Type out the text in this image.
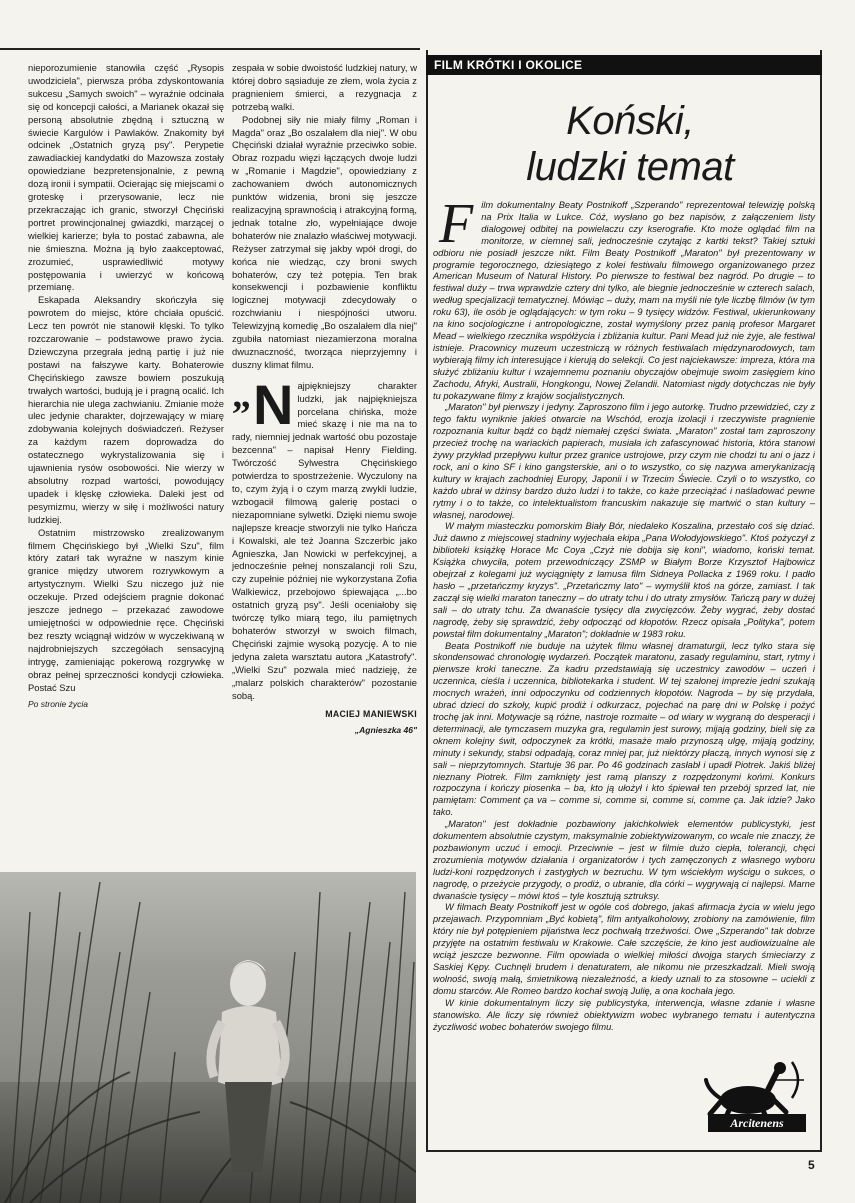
nieporozumienie stanowiła część „Rysopis uwodziciela", pierwsza próba zdyskontowania sukcesu „Samych swoich" – wyraźnie odcinała się od koncepcji całości, a Marianek okazał się personą absolutnie zbędną i sztuczną w świecie Kargulów i Pawlaków. Znakomity był odcinek „Ostatnich gryzą psy". Perypetie zawadiackiej kandydatki do Mazowsza zostały opowiedziane bezpretensjonalnie, z pewną dozą ironii i sympatii. Ocierając się miejscami o groteskę i przerysowanie, lecz nie przekraczając ich granic, stworzył Chęciński portret prowincjonalnej gwiazdki, marzącej o wielkiej karierze; była to postać zabawna, ale nie śmieszna. Można ją było zaakceptować, zrozumieć, usprawiedliwić motywy postępowania i uwierzyć w końcową przemianę.

Eskapada Aleksandry skończyła się powrotem do miejsc, które chciała opuścić. Lecz ten powrót nie stanowił klęski. To tylko rozczarowanie – podstawowe prawo życia. Dziewczyna przegrała jedną partię i już nie postawi na fałszywe karty. Bohaterowie Chęcińskiego zawsze bowiem poszukują trwałych wartości, budują je i pragną ocalić. Ich hierarchia nie ulega zachwianiu. Zmianie może ulec jedynie charakter, dojrzewający w miarę zdobywania kolejnych doświadczeń. Reżyser za każdym razem doprowadza do ostatecznego wykrystalizowania się i ujawnienia rysów osobowości. Nie wierzy w absolutny rozpad wartości, powodujący upadek i klęskę człowieka. Daleki jest od pesymizmu, wierzy w siłę i możliwości natury ludzkiej.

Ostatnim mistrzowsko zrealizowanym filmem Chęcińskiego był „Wielki Szu", film który zatarł tak wyraźne w naszym kinie granice między utworem rozrywkowym a artystycznym. Wielki Szu niczego już nie oczekuje. Przed odejściem pragnie dokonać jeszcze jednego – przekazać zawodowe umiejętności w odpowiednie ręce. Chęciński bez reszty wciągnął widzów w wyczekiwaną w najdrobniejszych szczegółach sensacyjną intrygę, zamieniając pokerową rozgrywkę w obraz pełnej sprzeczności kondycji człowieka. Postać Szu

Po stronie życia

zespała w sobie dwoistość ludzkiej natury, w której dobro sąsiaduje ze złem, wola życia z pragnieniem śmierci, a rezygnacja z potrzebą walki.

Podobnej siły nie miały filmy „Roman i Magda" oraz „Bo oszalałem dla niej". W obu Chęciński działał wyraźnie przeciwko sobie. Obraz rozpadu więzi łączących dwoje ludzi w „Romanie i Magdzie", opowiedziany z zachowaniem dwóch autonomicznych punktów widzenia, broni się jeszcze realizacyjną sprawnością i atrakcyjną formą, jednak totalne zło, wypełniające dwoje bohaterów nie znalazło właściwej motywacji. Reżyser zatrzymał się jakby wpół drogi, do końca nie wiedząc, czy broni swych bohaterów, czy też potępia. Ten brak konsekwencji i pozbawienie konfliktu logicznej motywacji zdecydowały o rozchwianiu i niespójności utworu. Telewizyjną komedię „Bo oszalałem dla niej" zgubiła natomiast niezamierzona moralna dwuznaczność, tworząca nieprzyjemny i duszny klimat filmu.

„ N ajpiękniejszy charakter ludzki, jak najpiękniejsza porcelana chińska, może mieć skazę i nie ma na to rady, niemniej jednak wartość obu pozostaje bezcenna" – napisał Henry Fielding. Twórczość Sylwestra Chęcińskiego potwierdza to spostrzeżenie. Wyczulony na to, czym żyją i o czym marzą zwykli ludzie, wzbogacił filmową galerię postaci o niezapomniane sylwetki. Dzięki niemu swoje najlepsze kreacje stworzyli nie tylko Hańcza i Kowalski, ale też Joanna Szczerbic jako Agnieszka, Jan Nowicki w perfekcyjnej, a jednocześnie pełnej nonszalancji roli Szu, czy zupełnie później nie wykorzystana Zofia Walkiewicz, przebojowo śpiewająca „...bo ostatnich gryzą psy". Jeśli oceniałoby się twórczę tylko miarą tego, ilu pamiętnych bohaterów stworzył w swoich filmach, Chęciński zajmie wysoką pozycję. A to nie jedyna zaleta warsztatu autora „Katastrofy". „Wielki Szu" pozwala mieć nadzieję, że „malarz polskich charakterów" pozostanie sobą.

MACIEJ MANIEWSKI
„Agnieszka 46"
FILM KRÓTKI I OKOLICE
Koński,
ludzki temat
F ilm dokumentalny Beaty Postnikoff „Szperando" reprezentował telewizję polską na Prix Italia w Lukce. Cóż, wysłano go bez napisów, z załączeniem listy dialogowej odbitej na powielaczu czy kserografie. Kto może oglądać film na monitorze, w ciemnej sali, jednocześnie czytając z kartki tekst? Takiej sztuki odbioru nie posiadł jeszcze nikt. Film Beaty Postnikoff „Maraton" był prezentowany w programie tegorocznego, dziesiątego z kolei festiwalu filmowego organizowanego przez American Museum of Natural History. Po pierwsze to festiwal bez nagród. Po drugie – to festiwal duży – trwa wprawdzie cztery dni tylko, ale biegnie jednocześnie w czterech salach, według specjalizacji tematycznej. Mówiąc – duży, mam na myśli nie tyle liczbę filmów (w tym roku 63), ile osób je oglądających: w tym roku – 9 tysięcy widzów. Festiwal, ukierunkowany na kino socjologiczne i antropologiczne, został wymyślony przez panią profesor Margaret Mead – wielkiego rzecznika współżycia i zbliżania kultur. Pani Mead już nie żyje, ale festiwal istnieje. Pracownicy muzeum uczestniczą w różnych festiwalach międzynarodowych, tam wybierają filmy ich interesujące i kierują do selekcji. Co jest najciekawsze: impreza, która ma służyć zbliżaniu kultur i wzajemnemu poznaniu obyczajów obejmuje swoim zasięgiem kino Zachodu, Afryki, Australii, Hongkongu, Nowej Zelandii. Natomiast nigdy dotychczas nie były tu pokazywane filmy z krajów socjalistycznych.

„Maraton" był pierwszy i jedyny. Zaproszono film i jego autorkę. Trudno przewidzieć, czy z tego faktu wyniknie jakieś otwarcie na Wschód, erozja izolacji i rzeczywiste pragnienie rozpoznania kultur bądź co bądź niemałej części świata. „Maraton" został tam zaproszony przecież trochę na wariackich papierach, musiała ich zafascynować historia, która stanowi żywy przykład przepływu kultur przez granice ustrojowe, przy czym nie chodzi tu ani o jazz i rock, ani o kino SF i kino gangsterskie, ani o to wszystko, co się nazywa amerykanizacją kultury w krajach zachodniej Europy, Japonii i w Trzecim Świecie. Czyli o to wszystko, co każdo ubrał w dżinsy bardzo dużo ludzi i to także, co każe przeciążać i naśladować pewne rytmy i o to także, co intelektualistom francuskim nakazuje się martwić o stan kultury – własnej, narodowej.

W małym miasteczku pomorskim Biały Bór, niedaleko Koszalina, przestało coś się dziać. Już dawno z miejscowej stadniny wyjechała ekipa „Pana Wołodyjowskiego". Ktoś pożyczył z biblioteki książkę Horace Mc Coya „Czyż nie dobija się koni", wiadomo, koński temat. Książka chwyciła, potem przewodniczący ZSMP w Białym Borze Krzysztof Hajbowicz obejrzał z kolegami już wyciągnięty z lamusa film Sidneya Pollacka z 1969 roku. I padło hasło – „przetańczmy kryzys". „Przetańczmy lato" – wymyślił ktoś na górze, zamiast. I tak zaczął się wielki maraton taneczny – do utraty tchu i do utraty zmysłów. Tańczą pary w dużej sali – do utraty tchu. Za dwanaście tysięcy dla zwycięzców. Żeby wygrać, żeby dostać nagrodę, żeby się sprawdzić, żeby odpocząć od kłopotów. Rzecz opisała „Polityka", potem powstał film dokumentalny „Maraton"; dokładnie w 1983 roku.

Beata Postnikoff nie buduje na użytek filmu własnej dramaturgii, lecz tylko stara się skondensować chronologię wydarzeń. Początek maratonu, zasady regulaminu, start, rytmy i pierwsze kroki taneczne. Za kadru przedstawiają się uczestnicy zawodów – uczeń i uczennica, cieśla i uczennica, bibliotekarka i student. W tej szalonej imprezie jedni szukają mocnych wrażeń, inni odpoczynku od codziennych kłopotów. Nagroda – by się przydała, ubrać dzieci do szkoły, kupić prodiż i odkurzacz, pojechać na parę dni w Polskę i pożyć trochę jak inni. Motywacje są różne, nastroje rozmaite – od wiary w wygraną do desperacji i determinacji, ale tymczasem muzyka gra, regulamin jest surowy, mijają godziny, bieli się za oknem kolejny świt, odpoczynek za krótki, masaże mało przynoszą ulgę, mijają godziny, minuty i sekundy, stabsi odpadają, coraz mniej par, już niektórzy płaczą, innych wynosi się z sali – nieprzytomnych. Startuje 36 par. Po 46 godzinach zasłabł i upadł Piotrek. Jakiś bliżej nieznany Piotrek. Film zamknięty jest ramą planszy z rozpędzonymi końmi. Konkurs rozpoczyna i kończy piosenka – ba, kto ją ułożył i kto śpiewał ten przebój sprzed lat, nie pamiętam: Comment ça va – comme si, comme si, comme si, comme ça. Jak idzie? Jako tako.

„Maraton" jest dokładnie pozbawiony jakichkolwiek elementów publicystyki, jest dokumentem absolutnie czystym, maksymalnie zobiektywizowanym, co wcale nie znaczy, że pozbawionym uczuć i emocji. Przeciwnie – jest w filmie dużo ciepła, tolerancji, chęci zrozumienia motywów działania i organizatorów i tych zamęczonych z własnego wyboru ludzi-koni rozpędzonych i zastygłych w bezruchu. W tym wściekłym wyścigu o sukces, o nagrodę, o przeżycie przygody, o prodiż, o ubranie, dla córki – wygrywają ci najlepsi. Marne dwanaście tysięcy – mówi ktoś – tyle kosztują sztruksy.

W filmach Beaty Postnikoff jest w ogóle coś dobrego, jakaś afirmacja życia w wielu jego przejawach. Przypomniam „Być kobietą", film antyalkoholowy, zrobiony na zamówienie, film który nie był potępieniem pijaństwa lecz pochwałą trzeźwości. Owe „Szperando" tak dobrze przyjęte na ostatnim festiwalu w Krakowie. Całe szczęście, że kino jest audiowizualne ale wciąż jeszcze bezwonne. Film opowiada o wielkiej miłości dwojga starych śmieciarzy z Saskiej Kępy. Cuchnęli brudem i denaturatem, ale nikomu nie przeszkadzali. Mieli swoją wolność, swoją małą, śmietnikową niezależność, a kiedy uznali to za stosowne – uciekli z domu starców. Ale Romeo bardzo kochał swoją Julię, a ona kochała jego.

W kinie dokumentalnym liczy się publicystyka, interwencja, własne zdanie i własne stanowisko. Ale liczy się również obiektywizm wobec wybranego tematu i autentyczna życzliwość wobec bohaterów swojego filmu.

Arcitenens
5
